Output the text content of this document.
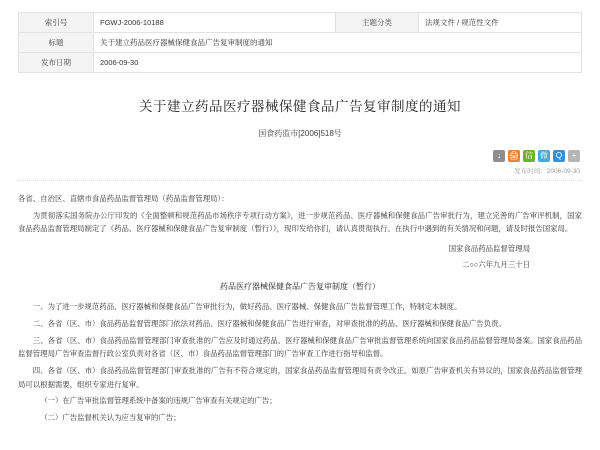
索引号	FGWJ-2006-10188	主题分类	法规文件 / 规范性文件
标题	关于建立药品医疗器械保健食品广告复审制度的通知		
发布日期	2006-09-30		
关于建立药品医疗器械保健食品广告复审制度的通知
国食药监市[2006]518号
↓ 🖨 信 微 Q	+
发布时间：2006-09-30

各省、自治区、直辖市食品药品监督管理局（药品监督管理局）：

为贯彻落实国务院办公厅印发的《全面整顿和规范药品市场秩序专项行动方案》，进一步规范药品、医疗器械和保健食品广告审批行为，建立完善的广告审评机制，国家食品药品监督管理局制定了《药品、医疗器械和保健食品广告复审制度（暂行）》，现印发给你们，请认真贯彻执行。在执行中遇到的有关情况和问题，请及时报告国家局。

国家食品药品监督管理局

二○○六年九月三十日

药品医疗器械保健食品广告复审制度（暂行）

一、为了进一步规范药品、医疗器械和保健食品广告审批行为，做好药品、医疗器械、保健食品广告监督管理工作，特制定本制度。

二、各省（区、市）食品药品监督管理部门依法对药品、医疗器械和保健食品广告进行审查，对审查批准的药品、医疗器械和保健食品广告负责。

三、各省（区、市）食品药品监督管理部门审查批准的广告应及时通过药品、医疗器械和保健食品广告审批监督管理系统向国家食品药品监督管理局备案。国家食品药品监督管理局广告审查监督行政公室负责对各省（区、市）食品药品监督管理部门的广告审查工作进行指导和监督。

四、各省（区、市）食品药品监督管理部门审查批准的广告有不符合规定的，国家食品药品监督管理局有责令改正。如原广告审查机关有异议的，国家食品药品监督管理局可以根据需要，组织专家进行复审。

（一）在广告审批监督管理系统中备案的违规广告审查有关规定的广告；

（二）广告监督机关认为应当复审的广告；
